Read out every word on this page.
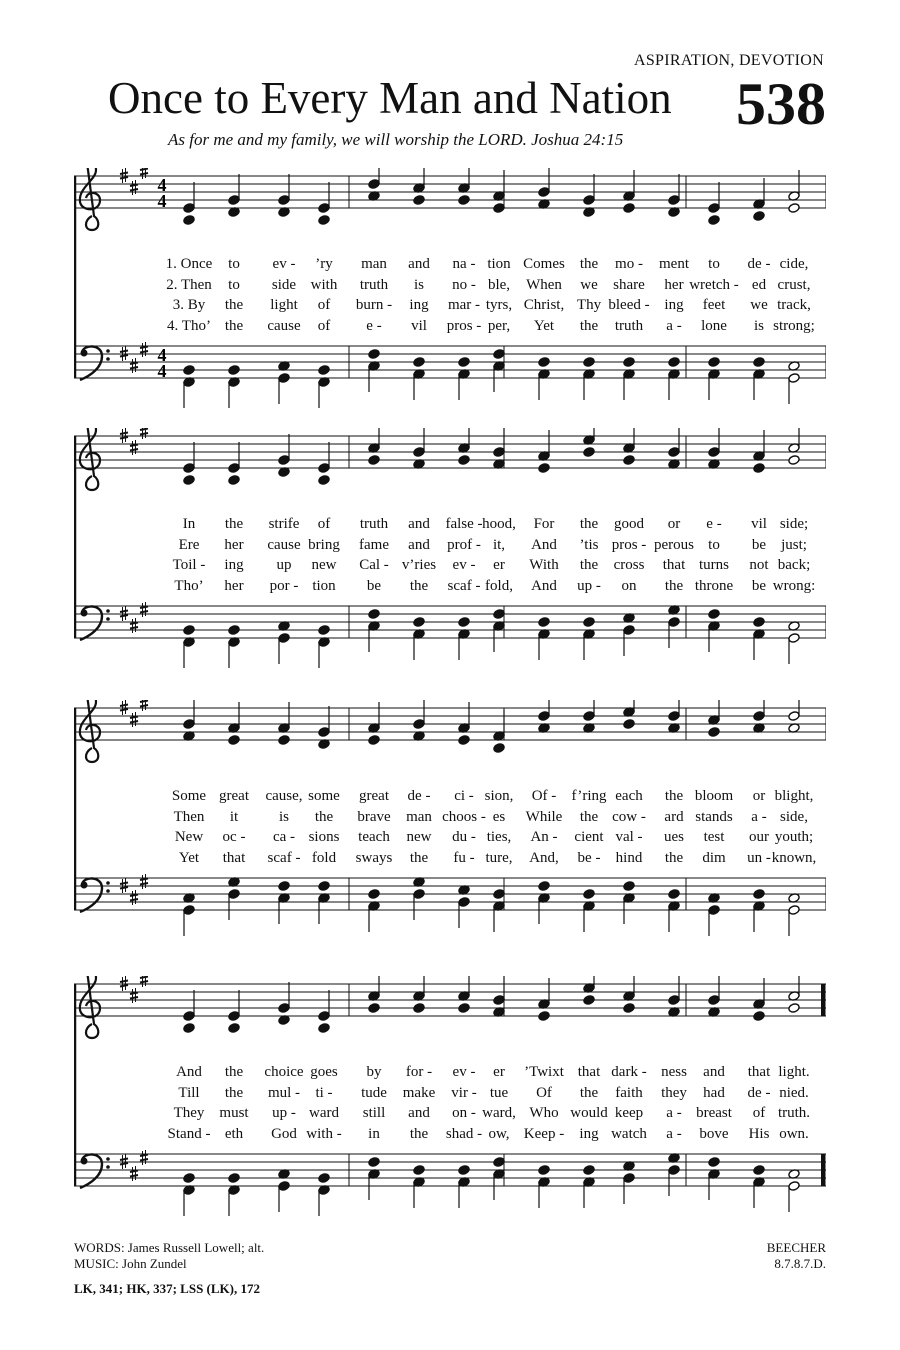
ASPIRATION, DEVOTION
Once to Every Man and Nation 538
As for me and my family, we will worship the LORD. Joshua 24:15
4
4
4
4
1. Once to ev - ’ry man and na - tion Comes the mo - ment to de - cide,
2. Then to side with truth is no - ble, When we share her wretch - ed crust,
3. By the light of burn - ing mar - tyrs, Christ, Thy bleed - ing feet we track,
4. Tho’ the cause of e - vil pros - per, Yet the truth a - lone is strong;
In the strife of truth and false - hood, For the good or e - vil side;
Ere her cause bring fame and prof - it, And ’tis pros - perous to be just;
Toil - ing up new Cal - v’ries ev - er With the cross that turns not back;
Tho’ her por - tion be the scaf - fold, And up - on the throne be wrong:
Some great cause, some great de - ci - sion, Of - f’ring each the bloom or blight,
Then it	is the brave man choos - es While the cow - ard stands a - side,
New oc - ca - sions teach new du - ties, An - cient val - ues test our youth;
Yet that scaf - fold sways the fu - ture, And, be - hind the dim un - known,
And the choice goes by for - ev - er ’Twixt that dark - ness and that light.
Till the mul - ti - tude make vir - tue Of the faith they had de - nied.
They must up - ward still and on - ward, Who would keep a - breast of truth.
Stand - eth God with - in the shad - ow, Keep - ing watch a - bove His own.
WORDS: James Russell Lowell; alt.
MUSIC: John Zundel
BEECHER
8.7.8.7.D.
LK, 341; HK, 337; LSS (LK), 172
